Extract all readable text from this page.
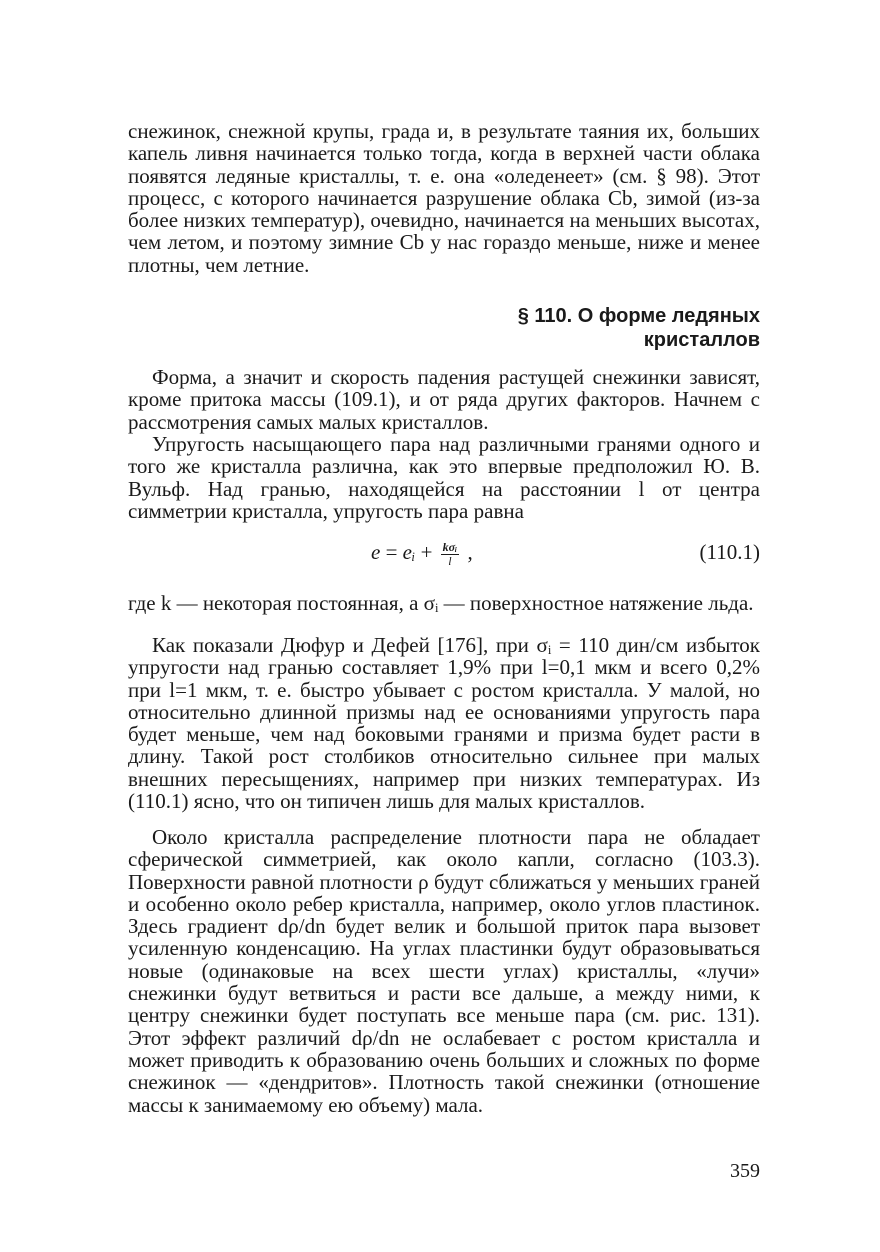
снежинок, снежной крупы, града и, в результате таяния их, больших капель ливня начинается только тогда, когда в верхней части облака появятся ледяные кристаллы, т. е. она «оледенеет» (см. § 98). Этот процесс, с которого начинается разрушение облака Cb, зимой (из-за более низких температур), очевидно, начинается на меньших высотах, чем летом, и поэтому зимние Cb у нас гораздо меньше, ниже и менее плотны, чем летние.

§ 110. О форме ледяных
кристаллов

Форма, а значит и скорость падения растущей снежинки зависят, кроме притока массы (109.1), и от ряда других факторов. Начнем с рассмотрения самых малых кристаллов.

Упругость насыщающего пара над различными гранями одного и того же кристалла различна, как это впервые предположил Ю. В. Вульф. Над гранью, находящейся на расстоянии l от центра симметрии кристалла, упругость пара равна

e = eᵢ + $\frac{\text{kσᵢ}}{l}$ ,	(110.1)

где k — некоторая постоянная, а σᵢ — поверхностное натяжение льда.

Как показали Дюфур и Дефей [176], при σᵢ = 110 дин/см избыток упругости над гранью составляет 1,9% при l=0,1 мкм и всего 0,2% при l=1 мкм, т. е. быстро убывает с ростом кристалла. У малой, но относительно длинной призмы над ее основаниями упругость пара будет меньше, чем над боковыми гранями и призма будет расти в длину. Такой рост столбиков относительно сильнее при малых внешних пересыщениях, например при низких температурах. Из (110.1) ясно, что он типичен лишь для малых кристаллов.

Около кристалла распределение плотности пара не обладает сферической симметрией, как около капли, согласно (103.3). Поверхности равной плотности ρ будут сближаться у меньших граней и особенно около ребер кристалла, например, около углов пластинок. Здесь градиент dρ/dn будет велик и большой приток пара вызовет усиленную конденсацию. На углах пластинки будут образовываться новые (одинаковые на всех шести углах) кристаллы, «лучи» снежинки будут ветвиться и расти все дальше, а между ними, к центру снежинки будет поступать все меньше пара (см. рис. 131). Этот эффект различий dρ/dn не ослабевает с ростом кристалла и может приводить к образованию очень больших и сложных по форме снежинок — «дендритов». Плотность такой снежинки (отношение массы к занимаемому ею объему) мала.

359
